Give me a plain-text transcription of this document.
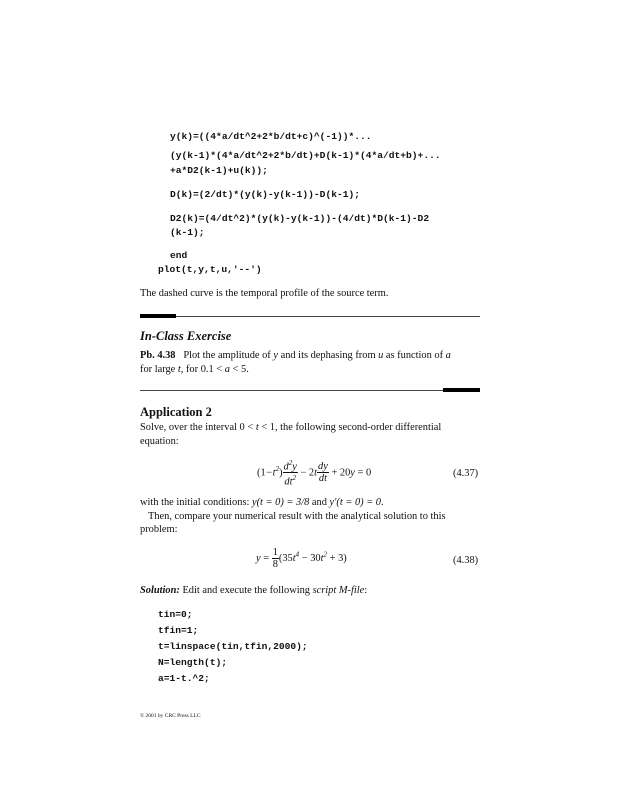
y(k)=((4*a/dt^2+2*b/dt+c)^(-1))*...
(y(k-1)*(4*a/dt^2+2*b/dt)+D(k-1)*(4*a/dt+b)+...
+a*D2(k-1)+u(k));
D(k)=(2/dt)*(y(k)-y(k-1))-D(k-1);
D2(k)=(4/dt^2)*(y(k)-y(k-1))-(4/dt)*D(k-1)-D2
(k-1);
end
plot(t,y,t,u,'--')
The dashed curve is the temporal profile of the source term.
In-Class Exercise
Pb. 4.38 Plot the amplitude of y and its dephasing from u as function of a
for large t, for 0.1 < a < 5.
Application 2
Solve, over the interval 0 < t < 1, the following second-order differential
equation:
$(1-t^2) \frac{d^2y}{dt^2} - 2t \frac{dy}{dt} + 20y = 0$	(4.37)
with the initial conditions: y(t = 0) = 3/8 and y′(t = 0) = 0.
Then, compare your numerical result with the analytical solution to this
problem:
$y = \frac{1}{8} (35t^4 - 30t^2 + 3)$	(4.38)
Solution: Edit and execute the following script M-file:
tin=0;
tfin=1;
t=linspace(tin,tfin,2000);
N=length(t);
a=1-t.^2;
© 2001 by CRC Press LLC
